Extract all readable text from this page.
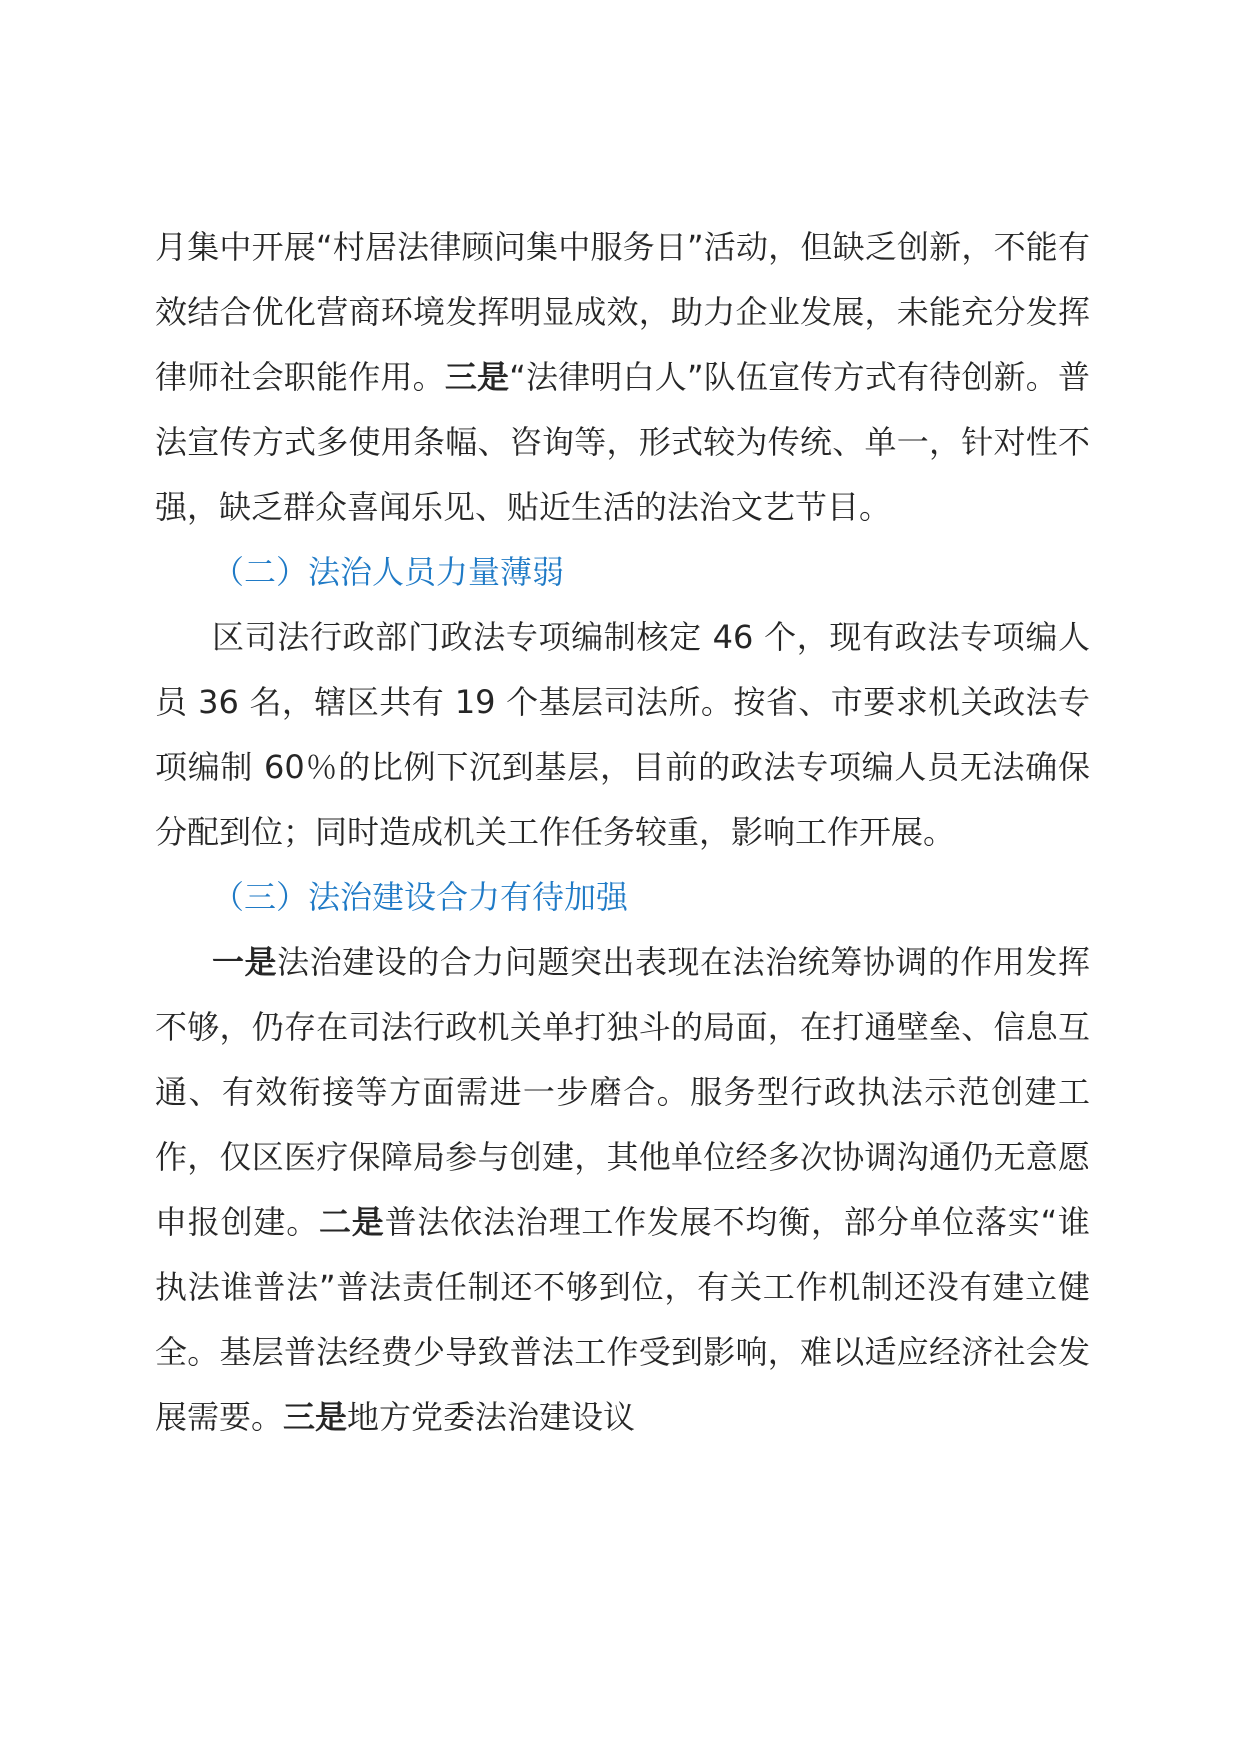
月集中开展“村居法律顾问集中服务日”活动，但缺乏创新，不能有效结合优化营商环境发挥明显成效，助力企业发展，未能充分发挥律师社会职能作用。三是“法律明白人”队伍宣传方式有待创新。普法宣传方式多使用条幅、咨询等，形式较为传统、单一，针对性不强，缺乏群众喜闻乐见、贴近生活的法治文艺节目。

（二）法治人员力量薄弱

区司法行政部门政法专项编制核定 46 个，现有政法专项编人员 36 名，辖区共有 19 个基层司法所。按省、市要求机关政法专项编制 60％的比例下沉到基层，目前的政法专项编人员无法确保分配到位；同时造成机关工作任务较重，影响工作开展。

（三）法治建设合力有待加强

一是法治建设的合力问题突出表现在法治统筹协调的作用发挥不够，仍存在司法行政机关单打独斗的局面，在打通壁垒、信息互通、有效衔接等方面需进一步磨合。服务型行政执法示范创建工作，仅区医疗保障局参与创建，其他单位经多次协调沟通仍无意愿申报创建。二是普法依法治理工作发展不均衡，部分单位落实“谁执法谁普法”普法责任制还不够到位，有关工作机制还没有建立健全。基层普法经费少导致普法工作受到影响，难以适应经济社会发展需要。三是地方党委法治建设议
